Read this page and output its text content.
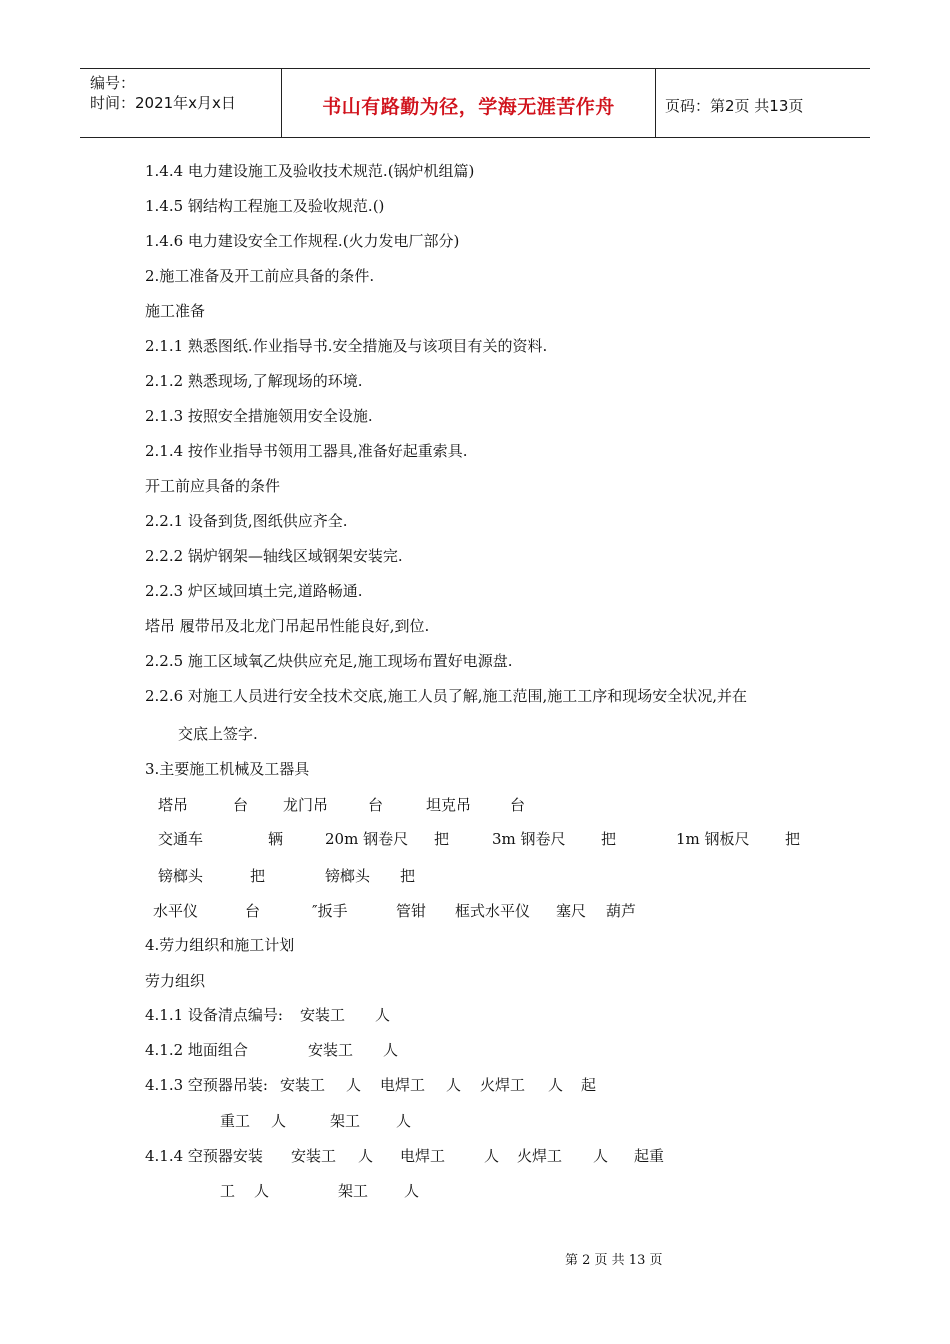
编号：
时间：2021年x月x日	书山有路勤为径，学海无涯苦作舟	页码：第2页 共13页
1.4.4 电力建设施工及验收技术规范.(锅炉机组篇)
1.4.5 钢结构工程施工及验收规范.()
1.4.6 电力建设安全工作规程.(火力发电厂部分)
2.施工准备及开工前应具备的条件.
施工准备
2.1.1 熟悉图纸.作业指导书.安全措施及与该项目有关的资料.
2.1.2 熟悉现场,了解现场的环境.
2.1.3 按照安全措施领用安全设施.
2.1.4 按作业指导书领用工器具,准备好起重索具.
开工前应具备的条件
2.2.1 设备到货,图纸供应齐全.
2.2.2 锅炉钢架—轴线区域钢架安装完.
2.2.3 炉区域回填土完,道路畅通.
塔吊 履带吊及北龙门吊起吊性能良好,到位.
2.2.5 施工区域氧乙炔供应充足,施工现场布置好电源盘.
2.2.6 对施工人员进行安全技术交底,施工人员了解,施工范围,施工工序和现场安全状况,并在
交底上签字.
3.主要施工机械及工器具
塔吊	台 龙门吊	台	坦克吊	台
交通车	辆	20m 钢卷尺 把	3m 钢卷尺 把	1m 钢板尺 把
镑榔头	把	镑榔头 把
水平仪	台	″扳手	管钳 框式水平仪 塞尺 葫芦
4.劳力组织和施工计划
劳力组织
4.1.1 设备清点编号: 安装工 人
4.1.2 地面组合	安装工 人
4.1.3 空预器吊装: 安装工 人 电焊工 人 火焊工 人 起
重工 人	架工 人
4.1.4 空预器安装 安装工 人 电焊工	人 火焊工 人 起重
工 人	架工 人
第 2 页 共 13 页
